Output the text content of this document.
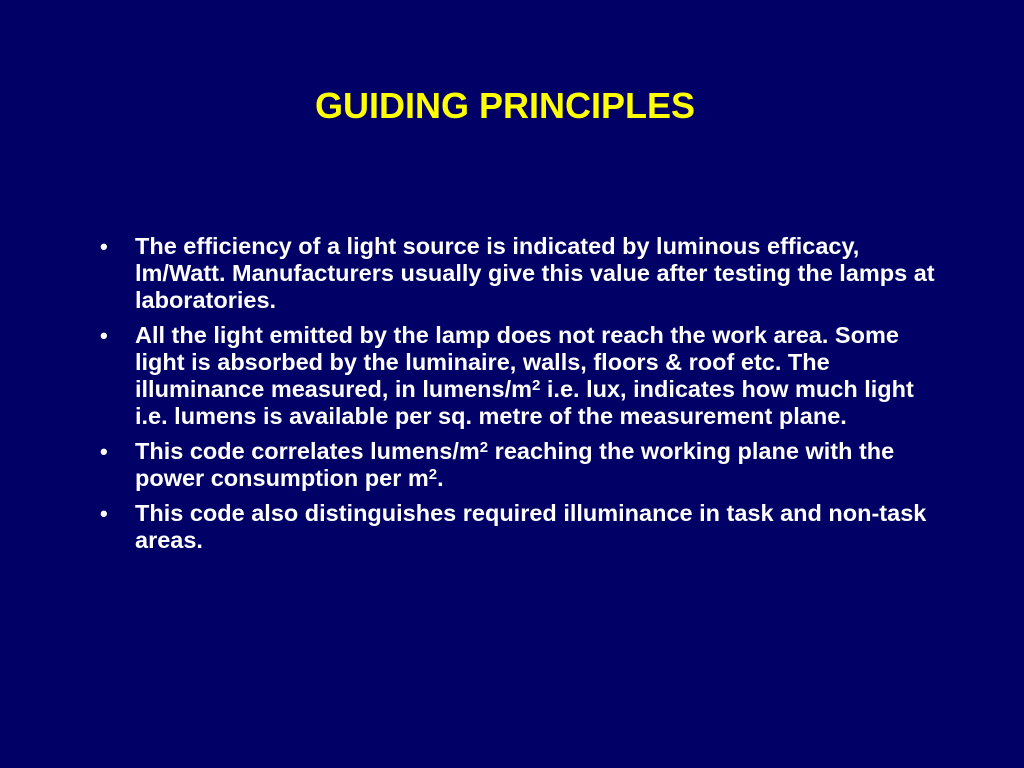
GUIDING PRINCIPLES
•	The efficiency of a light source is indicated by luminous efficacy, lm/Watt. Manufacturers usually give this value after testing the lamps at laboratories.
•	All the light emitted by the lamp does not reach the work area. Some light is absorbed by the luminaire, walls, floors & roof etc. The illuminance measured, in lumens/$m^2$ i.e. lux, indicates how much light i.e. lumens is available per sq. metre of the measurement plane.
•	This code correlates lumens/$m^2$ reaching the working plane with the power consumption per $m^2$.
•	This code also distinguishes required illuminance in task and non-task areas.
